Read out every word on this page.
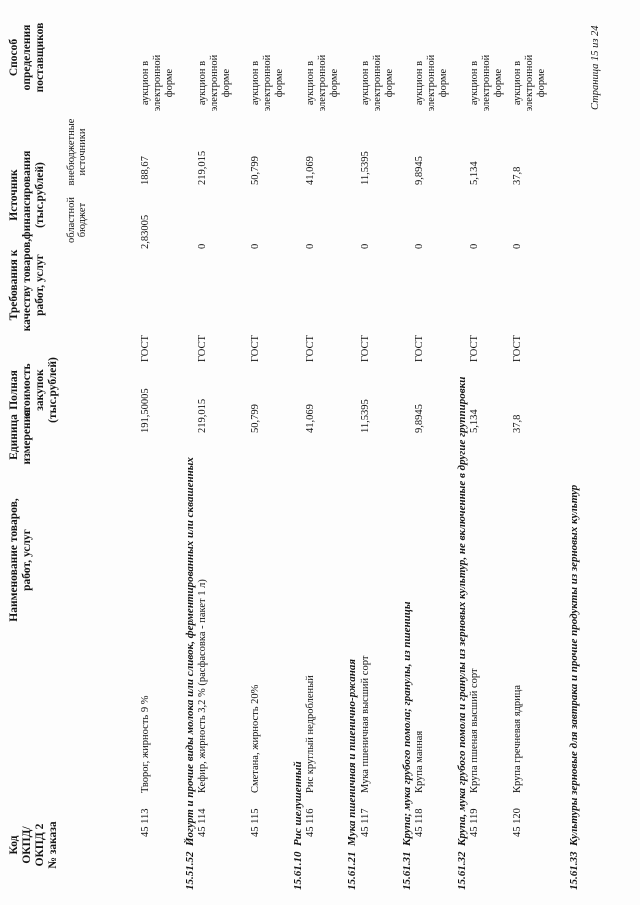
Код ОКПД/ ОКПД 2 № заказа
Наименование товаров, работ, услуг
Единица измерения
Полная стоимость закупок (тыс.рублей)
Требования к качеству товаров, работ, услуг
Источник финансирования (тыс.рублей) областной бюджет
внебюджетные источники
Способ определения поставщиков
45 113
Творог, жирность 9 %
191,50005
ГОСТ
2,83005
188,67
аукцион в электронной форме
15.51.52  Йогурт и прочие виды молока или сливок, ферментированных или сквашенных 45 114
Кефир, жирность 3,2 % (расфасовка - пакет 1 л)
219,015
ГОСТ
0
219,015
аукцион в электронной форме
45 115
Сметана, жирность 20%
50,799
ГОСТ
0
50,799
аукцион в электронной форме
15.61.10  Рис шелушенный 45 116
Рис круглый недробленый
41,069
ГОСТ
0
41,069
аукцион в электронной форме
15.61.21  Мука пшеничная и пшенично-ржаная 45 117
Мука пшеничная высший сорт
11,5395
ГОСТ
0
11,5395
аукцион в электронной форме
15.61.31  Крупа; мука грубого помола; гранулы, из пшеницы 45 118
Крупа манная
9,8945
ГОСТ
0
9,8945
аукцион в электронной форме
15.61.32  Крупа, мука грубого помола и гранулы из зерновых культур, не включенные в другие группировки 45 119
Крупа пшеная высший сорт
5,134
ГОСТ
0
5,134
аукцион в электронной форме
45 120
Крупа гречневая ядрица
37,8
ГОСТ
0
37,8
аукцион в электронной форме
15.61.33  Культуры зерновые для завтрака и прочие продукты из зерновых культур
Страница 15 из 24
